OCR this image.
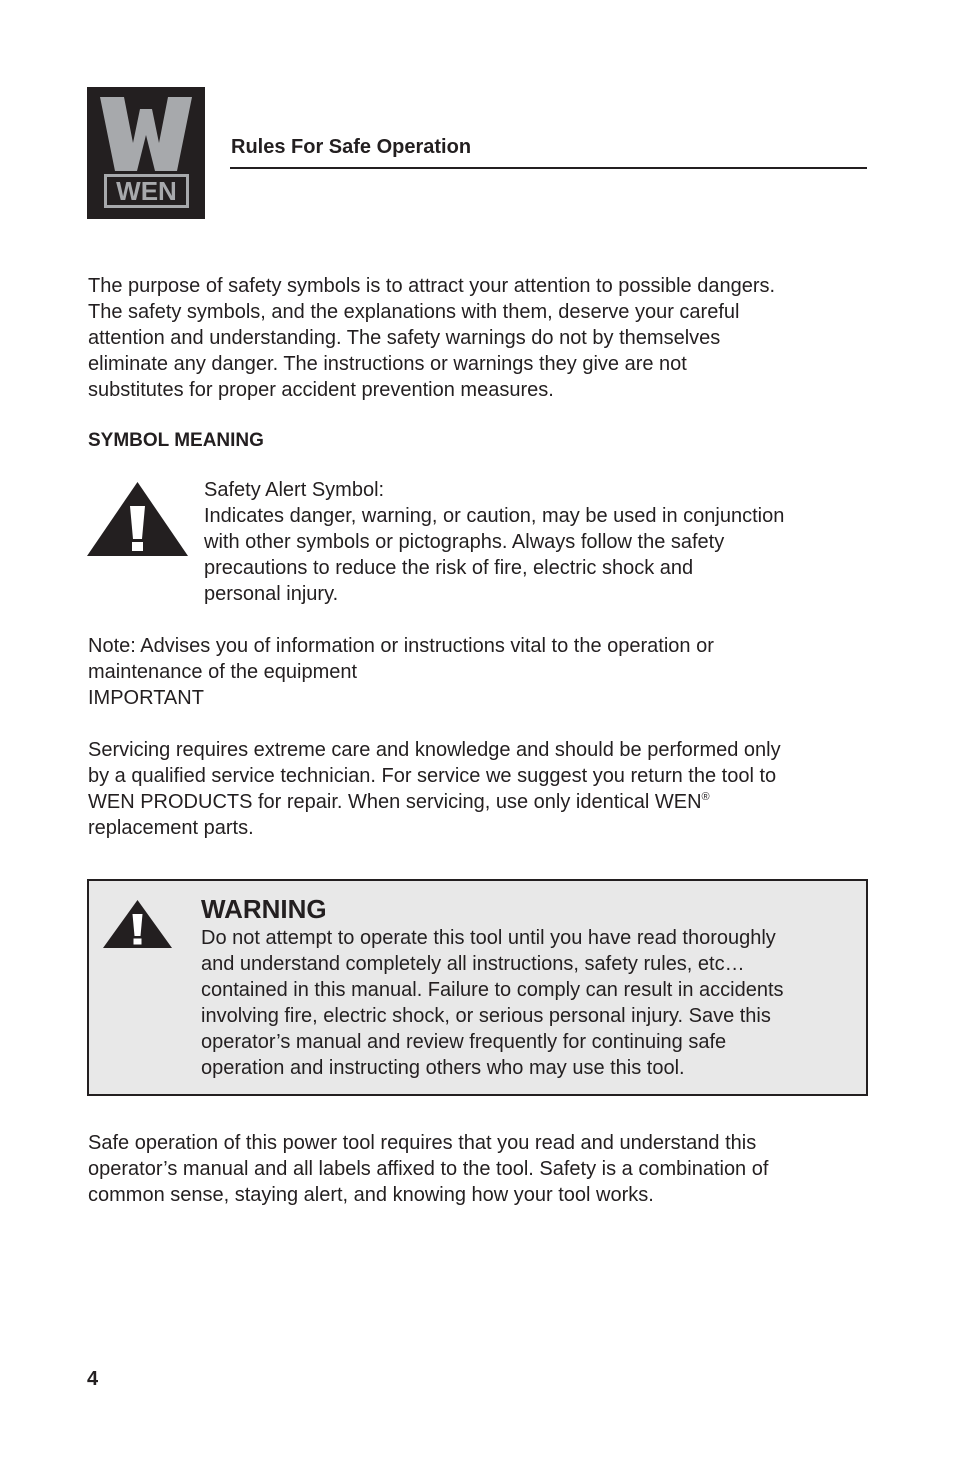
WEN
Rules For Safe Operation

The purpose of safety symbols is to attract your attention to possible dangers.

The safety symbols, and the explanations with them, deserve your careful

attention and understanding. The safety warnings do not by themselves

eliminate any danger. The instructions or warnings they give are not

substitutes for proper accident prevention measures.

SYMBOL MEANING

Safety Alert Symbol:

Indicates danger, warning, or caution, may be used in conjunction

with other symbols or pictographs. Always follow the safety

precautions to reduce the risk of fire, electric shock and

personal injury.

Note: Advises you of information or instructions vital to the operation or

maintenance of the equipment

IMPORTANT

Servicing requires extreme care and knowledge and should be performed only

by a qualified service technician. For service we suggest you return the tool to

WEN PRODUCTS for repair. When servicing, use only identical WEN®

replacement parts.

WARNING

Do not attempt to operate this tool until you have read thoroughly

and understand completely all instructions, safety rules, etc…

contained in this manual. Failure to comply can result in accidents

involving fire, electric shock, or serious personal injury. Save this

operator’s manual and review frequently for continuing safe

operation and instructing others who may use this tool.

Safe operation of this power tool requires that you read and understand this

operator’s manual and all labels affixed to the tool. Safety is a combination of

common sense, staying alert, and knowing how your tool works.

4
